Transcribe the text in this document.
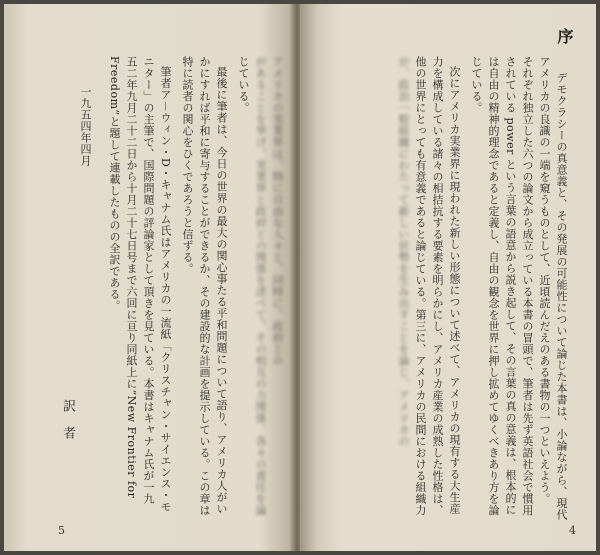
アメリカの実業界は、特に自由な人々と、同時に、政府との
があることを挙げ、実業界と政府との関係を述べて、その相互の力関係、各々の責任を論
じている。
最後に筆者は、今日の世界の最大の関心事たる平和問題について語り、アメリカ人がい
かにすれば平和に寄与することができるか、その建設的な計画を提示している。この章は
特に読者の関心をひくであろうと信ずる。
筆者ア－ウィン・D・キャナム氏はアメリカの一流紙「クリスチャン・サイエンス・モ
ニター」の主筆で、国際問題の評論家として頂きを見ている。本書はキャナム氏が一九
五二年九月二十二日から十月二十七日号まで六回に亘り同紙上に“New Frontier for
Freedom”と題して連載したものの全訳である。
一九五四年四月
訳者
5
序
デモクラシーの真意義と、その発展の可能性について論じた本書は、小論ながら、現代
アメリカの良識の一端を窺うものとして、近頃読んだえのある書物の一つといえよう。
それぞれ独立した六つの論文から成立っている本書の冒頭で、筆者は先ず英語社会で慣用
されている power という言葉の語意から説き起して、その言葉の真の意義は、根本的に
は自由の精神的理念であると定義し、自由の観念を世界に押し拡めてゆくべきあり方を論
じている。
次にアメリカ実業界に現われた新しい形態について述べて、アメリカの現有する大生産
力を構成している諸々の相拮抗する要素を明らかにし、アメリカ産業の成熟した性格は、
他の世界にとっても有意義であると論じている。第三に、アメリカの民間における組織力
が、政治一般組織にわたって新しい状勢を生み出すことを論じ、アメリカの
4
